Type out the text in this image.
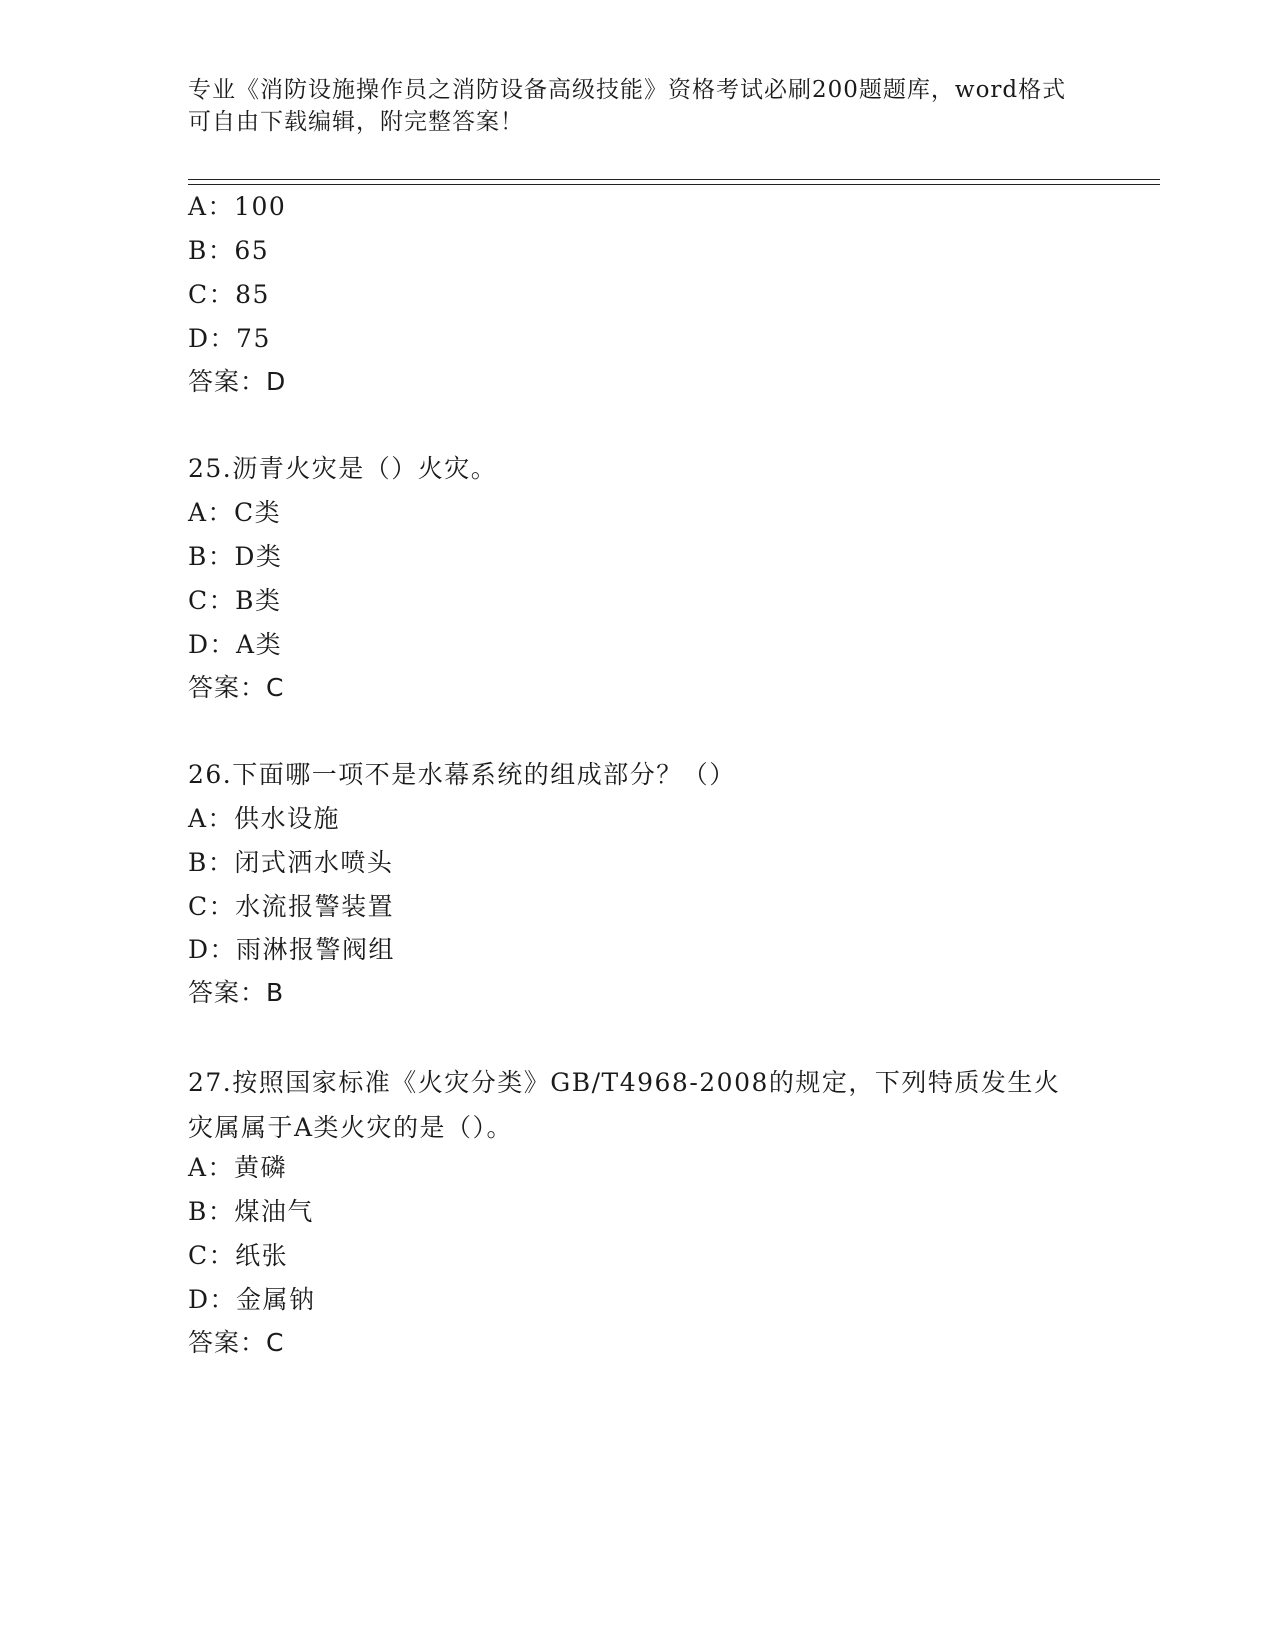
专业《消防设施操作员之消防设备高级技能》资格考试必刷200题题库，word格式可自由下载编辑，附完整答案！
A：100
B：65
C：85
D：75
答案：D
25.沥青火灾是（）火灾。
A：C类
B：D类
C：B类
D：A类
答案：C
26.下面哪一项不是水幕系统的组成部分？（）
A：供水设施
B：闭式洒水喷头
C：水流报警装置
D：雨淋报警阀组
答案：B
27.按照国家标准《火灾分类》GB/T4968-2008的规定，下列特质发生火灾属属于A类火灾的是（）。
A：黄磷
B：煤油气
C：纸张
D：金属钠
答案：C
